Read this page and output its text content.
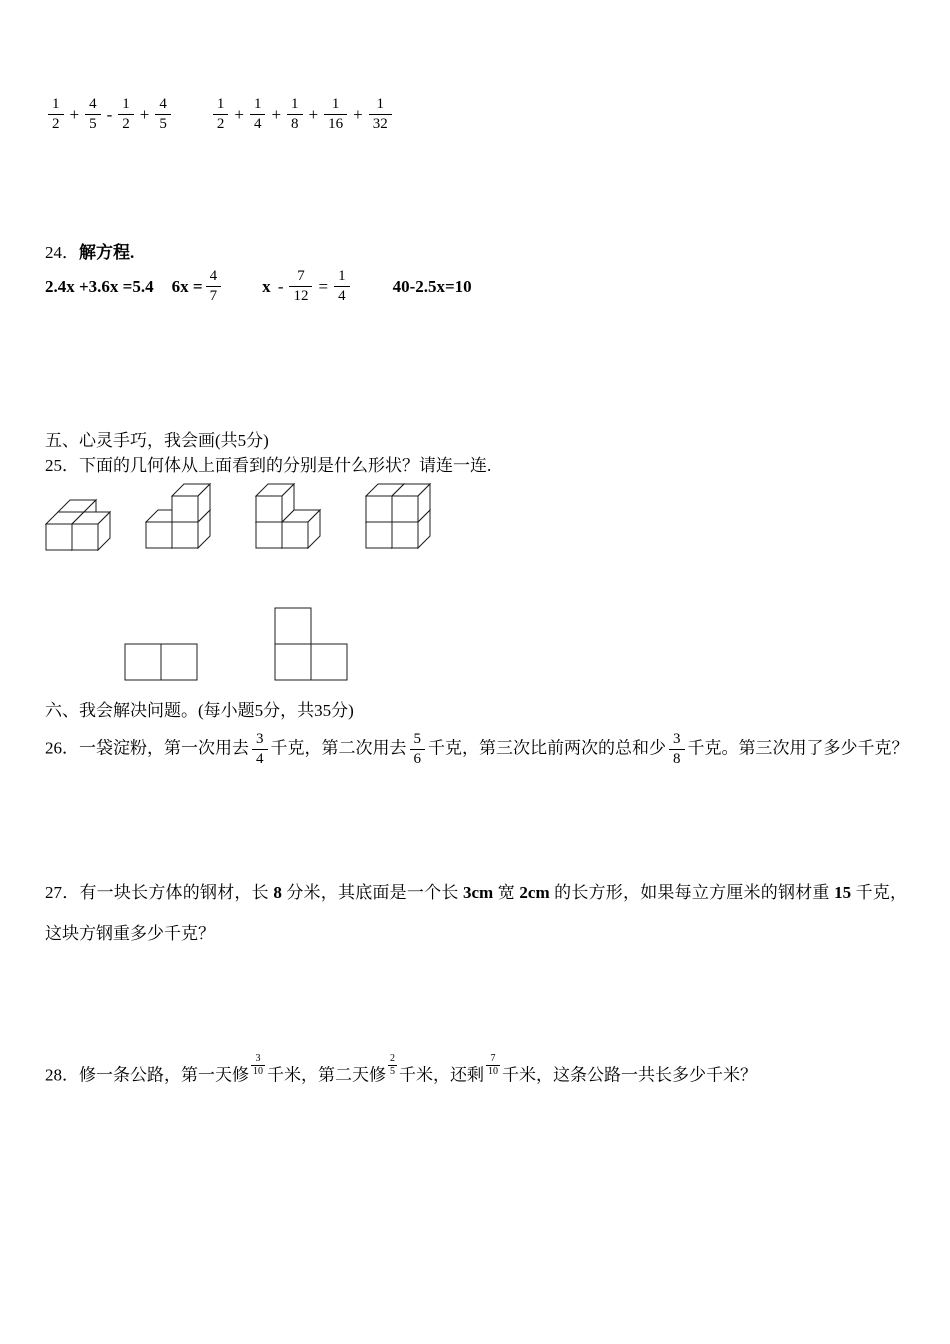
$\frac{1}{2} + \frac{4}{5} - \frac{1}{2} + \frac{4}{5}$	$\frac{1}{2} + \frac{1}{4} + \frac{1}{8} + \frac{1}{16} + \frac{1}{32}$
24．解方程.
2.4x +3.6x =5.4 $6x = \frac{4}{7}$ $x - \frac{7}{12} = \frac{1}{4}$	40-2.5x=10
五、心灵手巧，我会画(共5分)
25．下面的几何体从上面看到的分别是什么形状？请连一连.
六、我会解决问题。(每小题5分，共35分)
26．一袋淀粉，第一次用去 $\frac{3}{4}$ 千克，第二次用去 $\frac{5}{6}$ 千克，第三次比前两次的总和少 $\frac{3}{8}$ 千克。第三次用了多少千克？
27．有一块长方体的钢材，长 8 分米，其底面是一个长 3cm 宽 2cm 的长方形，如果每立方厘米的钢材重 15 千克，这块方钢重多少千克？
28．修一条公路，第一天修 $\frac{3}{10}$ 千米，第二天修 $\frac{2}{5}$ 千米，还剩 $\frac{7}{10}$ 千米，这条公路一共长多少千米？
